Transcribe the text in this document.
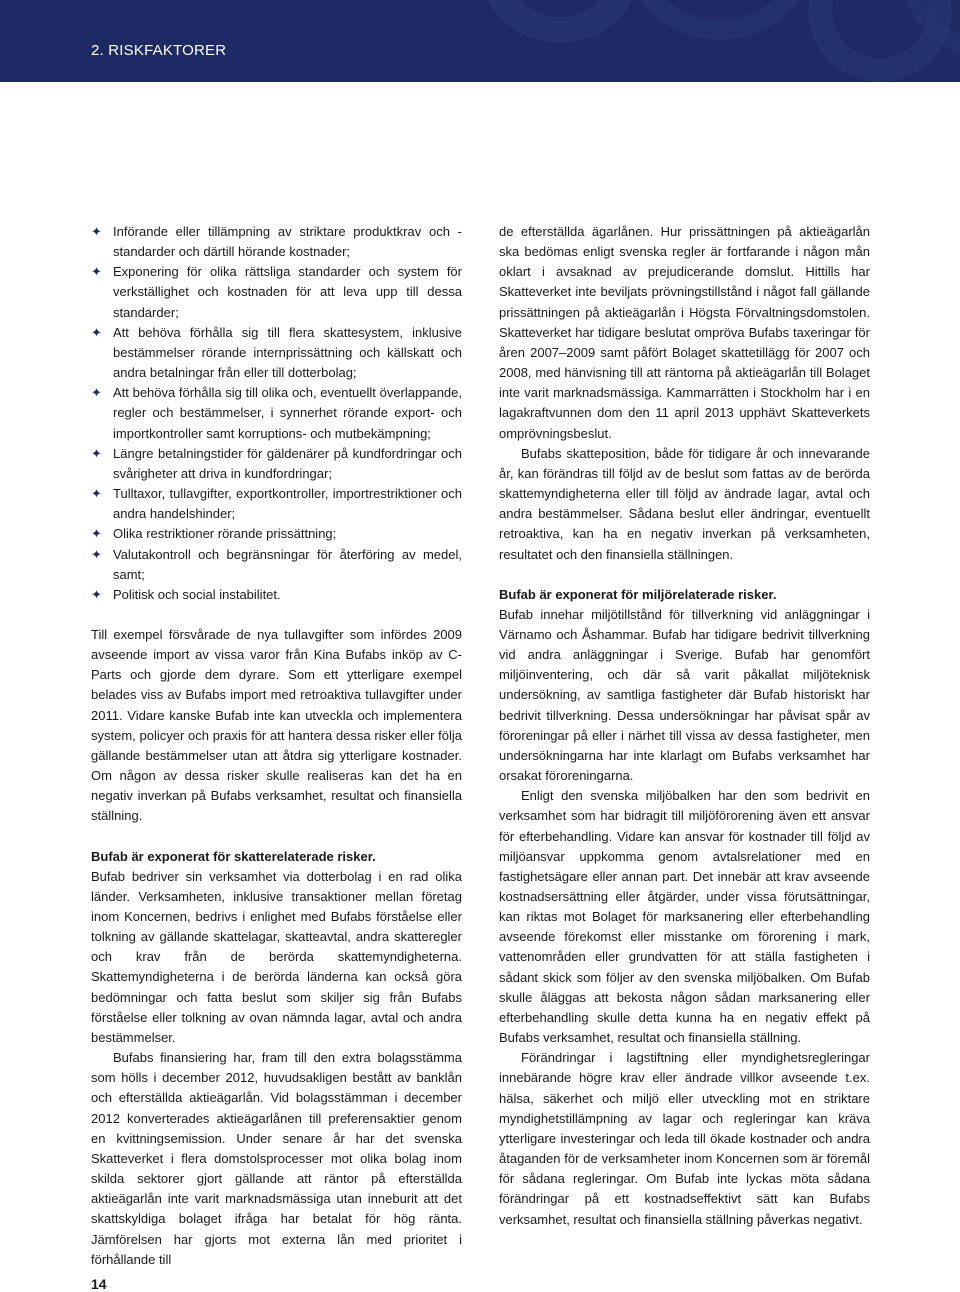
2. RISKFAKTORER
✦ Införande eller tillämpning av striktare produktkrav och -standarder och därtill hörande kostnader;
✦ Exponering för olika rättsliga standarder och system för verkställighet och kostnaden för att leva upp till dessa standarder;
✦ Att behöva förhålla sig till flera skattesystem, inklusive bestämmelser rörande internprissättning och källskatt och andra betalningar från eller till dotterbolag;
✦ Att behöva förhålla sig till olika och, eventuellt överlappande, regler och bestämmelser, i synnerhet rörande export- och importkontroller samt korruptions- och mutbekämpning;
✦ Längre betalningstider för gäldenärer på kundfordringar och svårigheter att driva in kundfordringar;
✦ Tulltaxor, tullavgifter, exportkontroller, importrestriktioner och andra handelshinder;
✦ Olika restriktioner rörande prissättning;
✦ Valutakontroll och begränsningar för återföring av medel, samt;
✦ Politisk och social instabilitet.

Till exempel försvårade de nya tullavgifter som infördes 2009 avseende import av vissa varor från Kina Bufabs inköp av C-Parts och gjorde dem dyrare. Som ett ytterligare exempel belades viss av Bufabs import med retroaktiva tullavgifter under 2011. Vidare kanske Bufab inte kan utveckla och implementera system, policyer och praxis för att hantera dessa risker eller följa gällande bestämmelser utan att åtdra sig ytterligare kostnader. Om någon av dessa risker skulle realiseras kan det ha en negativ inverkan på Bufabs verksamhet, resultat och finansiella ställning.

Bufab är exponerat för skatterelaterade risker.

Bufab bedriver sin verksamhet via dotterbolag i en rad olika länder. Verksamheten, inklusive transaktioner mellan företag inom Koncernen, bedrivs i enlighet med Bufabs förståelse eller tolkning av gällande skattelagar, skatteavtal, andra skatteregler och krav från de berörda skattemyndigheterna. Skattemyndigheterna i de berörda länderna kan också göra bedömningar och fatta beslut som skiljer sig från Bufabs förståelse eller tolkning av ovan nämnda lagar, avtal och andra bestämmelser.

Bufabs finansiering har, fram till den extra bolagsstämma som hölls i december 2012, huvudsakligen bestått av banklån och efterställda aktieägarlån. Vid bolagsstämman i december 2012 konverterades aktieägarlånen till preferensaktier genom en kvittningsemission. Under senare år har det svenska Skatteverket i flera domstolsprocesser mot olika bolag inom skilda sektorer gjort gällande att räntor på efterställda aktieägarlån inte varit marknadsmässiga utan inneburit att det skattskyldiga bolaget ifråga har betalat för hög ränta. Jämförelsen har gjorts mot externa lån med prioritet i förhållande till

de efterställda ägarlånen. Hur prissättningen på aktieägarlån ska bedömas enligt svenska regler är fortfarande i någon mån oklart i avsaknad av prejudicerande domslut. Hittills har Skatteverket inte beviljats prövningstillstånd i något fall gällande prissättningen på aktieägarlån i Högsta Förvaltningsdomstolen. Skatteverket har tidigare beslutat ompröva Bufabs taxeringar för åren 2007–2009 samt påfört Bolaget skattetillägg för 2007 och 2008, med hänvisning till att räntorna på aktieägarlån till Bolaget inte varit marknadsmässiga. Kammarrätten i Stockholm har i en lagakraftvunnen dom den 11 april 2013 upphävt Skatteverkets omprövningsbeslut.

Bufabs skatteposition, både för tidigare år och innevarande år, kan förändras till följd av de beslut som fattas av de berörda skattemyndigheterna eller till följd av ändrade lagar, avtal och andra bestämmelser. Sådana beslut eller ändringar, eventuellt retroaktiva, kan ha en negativ inverkan på verksamheten, resultatet och den finansiella ställningen.

Bufab är exponerat för miljörelaterade risker.

Bufab innehar miljötillstånd för tillverkning vid anläggningar i Värnamo och Åshammar. Bufab har tidigare bedrivit tillverkning vid andra anläggningar i Sverige. Bufab har genomfört miljöinventering, och där så varit påkallat miljöteknisk undersökning, av samtliga fastigheter där Bufab historiskt har bedrivit tillverkning. Dessa undersökningar har påvisat spår av föroreningar på eller i närhet till vissa av dessa fastigheter, men undersökningarna har inte klarlagt om Bufabs verksamhet har orsakat föroreningarna.

Enligt den svenska miljöbalken har den som bedrivit en verksamhet som har bidragit till miljöförorening även ett ansvar för efterbehandling. Vidare kan ansvar för kostnader till följd av miljöansvar uppkomma genom avtalsrelationer med en fastighetsägare eller annan part. Det innebär att krav avseende kostnadsersättning eller åtgärder, under vissa förutsättningar, kan riktas mot Bolaget för marksanering eller efterbehandling avseende förekomst eller misstanke om förorening i mark, vattenområden eller grundvatten för att ställa fastigheten i sådant skick som följer av den svenska miljöbalken. Om Bufab skulle åläggas att bekosta någon sådan marksanering eller efterbehandling skulle detta kunna ha en negativ effekt på Bufabs verksamhet, resultat och finansiella ställning.

Förändringar i lagstiftning eller myndighetsregleringar innebärande högre krav eller ändrade villkor avseende t.ex. hälsa, säkerhet och miljö eller utveckling mot en striktare myndighetstillämpning av lagar och regleringar kan kräva ytterligare investeringar och leda till ökade kostnader och andra åtaganden för de verksamheter inom Koncernen som är föremål för sådana regleringar. Om Bufab inte lyckas möta sådana förändringar på ett kostnadseffektivt sätt kan Bufabs verksamhet, resultat och finansiella ställning påverkas negativt.

14
